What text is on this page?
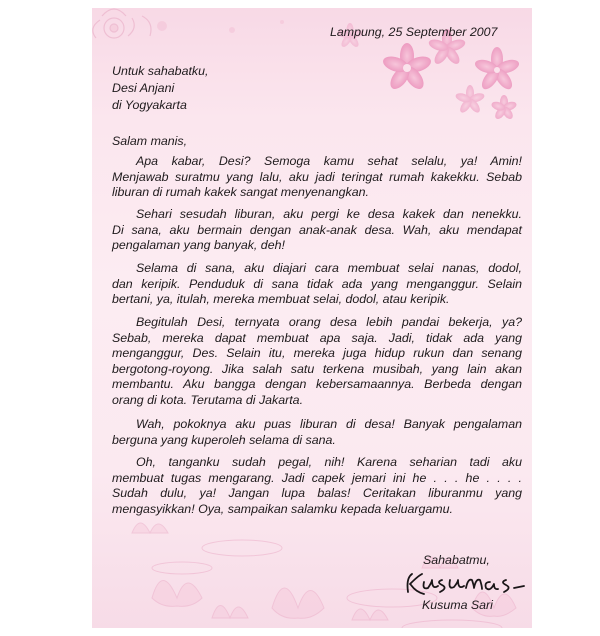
Lampung, 25 September 2007
Untuk sahabatku,
Desi Anjani
di Yogyakarta
Salam manis,
Apa kabar, Desi? Semoga kamu sehat selalu, ya! Amin!
Menjawab suratmu yang lalu, aku jadi teringat rumah kakekku. Sebab
liburan di rumah kakek sangat menyenangkan.
Sehari sesudah liburan, aku pergi ke desa kakek dan nenekku.
Di sana, aku bermain dengan anak-anak desa. Wah, aku mendapat
pengalaman yang banyak, deh!
Selama di sana, aku diajari cara membuat selai nanas, dodol,
dan keripik. Penduduk di sana tidak ada yang menganggur. Selain
bertani, ya, itulah, mereka membuat selai, dodol, atau keripik.
Begitulah Desi, ternyata orang desa lebih pandai bekerja, ya?
Sebab, mereka dapat membuat apa saja. Jadi, tidak ada yang
menganggur, Des. Selain itu, mereka juga hidup rukun dan senang
bergotong-royong. Jika salah satu terkena musibah, yang lain akan
membantu. Aku bangga dengan kebersamaannya. Berbeda dengan
orang di kota. Terutama di Jakarta.
Wah, pokoknya aku puas liburan di desa! Banyak pengalaman
berguna yang kuperoleh selama di sana.
Oh, tanganku sudah pegal, nih! Karena seharian tadi aku
membuat tugas mengarang. Jadi capek jemari ini he . . . he . . . .
Sudah dulu, ya! Jangan lupa balas! Ceritakan liburanmu yang
mengasyikkan! Oya, sampaikan salamku kepada keluargamu.
Sahabatmu,
Kusuma Sari
